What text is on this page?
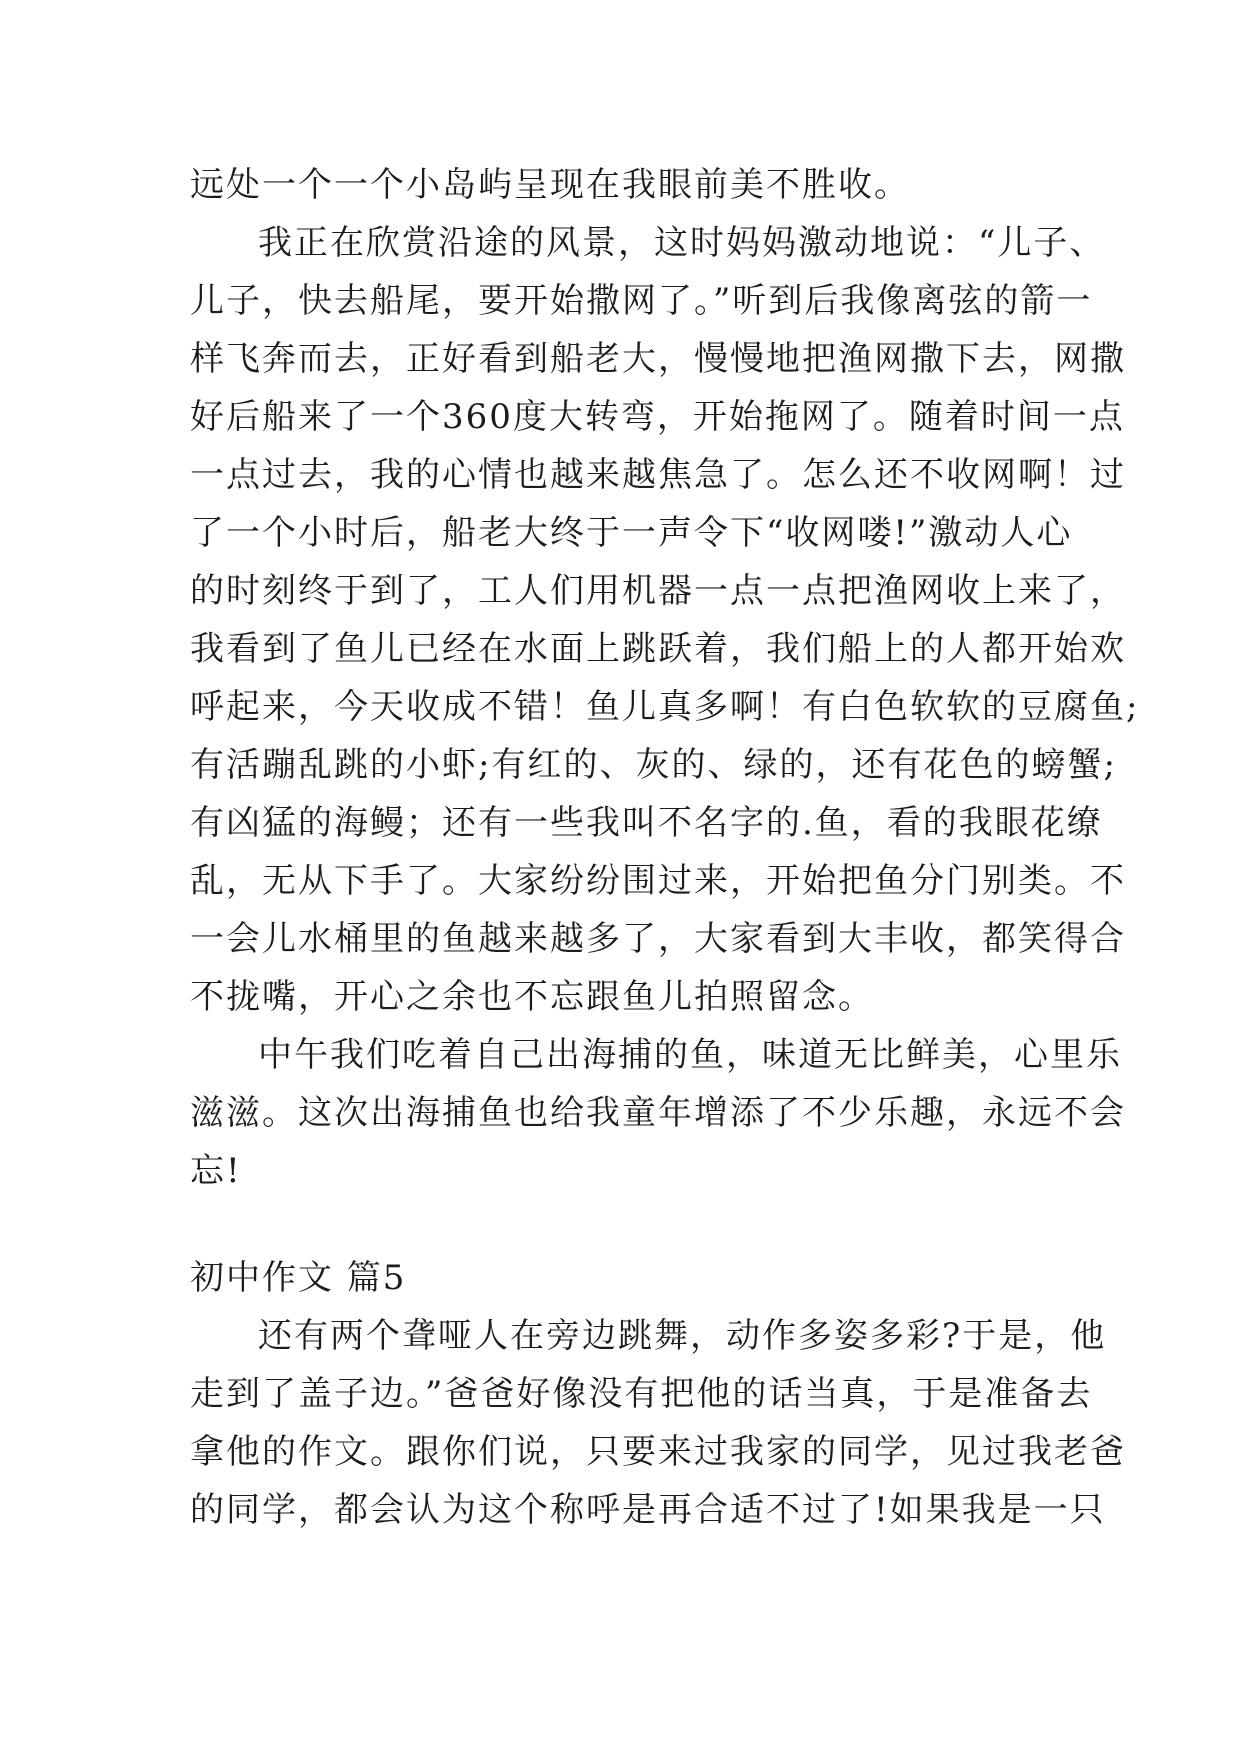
远处一个一个小岛屿呈现在我眼前美不胜收。
我正在欣赏沿途的风景，这时妈妈激动地说：“儿子、
儿子，快去船尾，要开始撒网了。”听到后我像离弦的箭一
样飞奔而去，正好看到船老大，慢慢地把渔网撒下去，网撒
好后船来了一个360度大转弯，开始拖网了。随着时间一点
一点过去，我的心情也越来越焦急了。怎么还不收网啊！过
了一个小时后，船老大终于一声令下“收网喽!”激动人心
的时刻终于到了，工人们用机器一点一点把渔网收上来了，
我看到了鱼儿已经在水面上跳跃着，我们船上的人都开始欢
呼起来，今天收成不错！鱼儿真多啊！有白色软软的豆腐鱼;
有活蹦乱跳的小虾;有红的、灰的、绿的，还有花色的螃蟹;
有凶猛的海鳗；还有一些我叫不名字的.鱼，看的我眼花缭
乱，无从下手了。大家纷纷围过来，开始把鱼分门别类。不
一会儿水桶里的鱼越来越多了，大家看到大丰收，都笑得合
不拢嘴，开心之余也不忘跟鱼儿拍照留念。
中午我们吃着自己出海捕的鱼，味道无比鲜美，心里乐
滋滋。这次出海捕鱼也给我童年增添了不少乐趣，永远不会
忘!
初中作文 篇5
还有两个聋哑人在旁边跳舞，动作多姿多彩?于是，他
走到了盖子边。”爸爸好像没有把他的话当真，于是准备去
拿他的作文。跟你们说，只要来过我家的同学，见过我老爸
的同学，都会认为这个称呼是再合适不过了!如果我是一只
